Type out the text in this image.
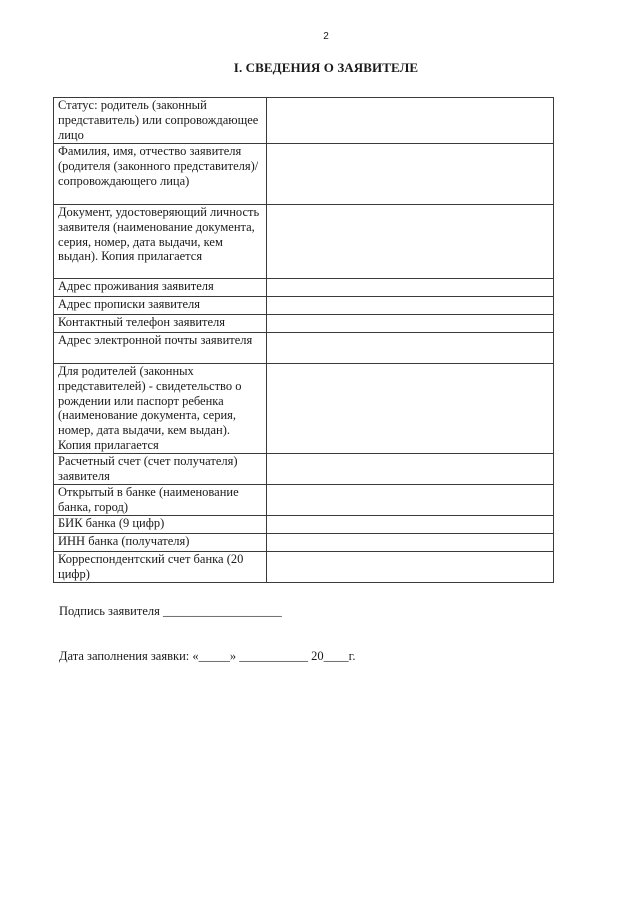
2
I. СВЕДЕНИЯ О ЗАЯВИТЕЛЕ
Статус: родитель (законный представитель) или сопровождающее лицо	
Фамилия, имя, отчество заявителя (родителя (законного представителя)/сопровождающего лица)	
Документ, удостоверяющий личность заявителя (наименование документа, серия, номер, дата выдачи, кем выдан). Копия прилагается	
Адрес проживания заявителя	
Адрес прописки заявителя	
Контактный телефон заявителя	
Адрес электронной почты заявителя	
Для родителей (законных представителей) - свидетельство о рождении или паспорт ребенка (наименование документа, серия, номер, дата выдачи, кем выдан). Копия прилагается	
Расчетный счет (счет получателя) заявителя	
Открытый в банке (наименование банка, город)	
БИК банка (9 цифр)	
ИНН банка (получателя)	
Корреспондентский счет банка (20 цифр)	
Подпись заявителя ___________________
Дата заполнения заявки: «_____» ___________ 20____г.
